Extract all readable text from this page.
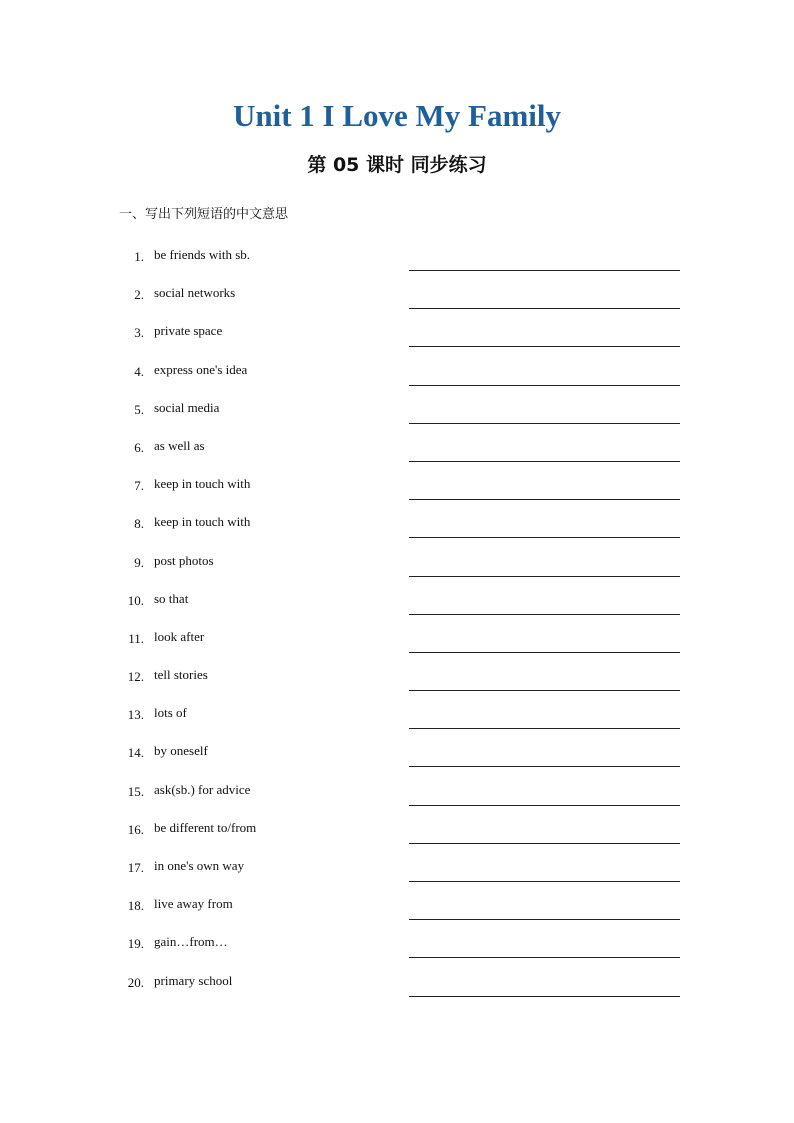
Unit 1 I Love My Family
第 05 课时 同步练习
一、写出下列短语的中文意思
1. be friends with sb.
2. social networks
3. private space
4. express one's idea
5. social media
6. as well as
7. keep in touch with
8. keep in touch with
9. post photos
10. so that
11. look after
12. tell stories
13. lots of
14. by oneself
15. ask(sb.) for advice
16. be different to/from
17. in one's own way
18. live away from
19. gain…from…
20. primary school
